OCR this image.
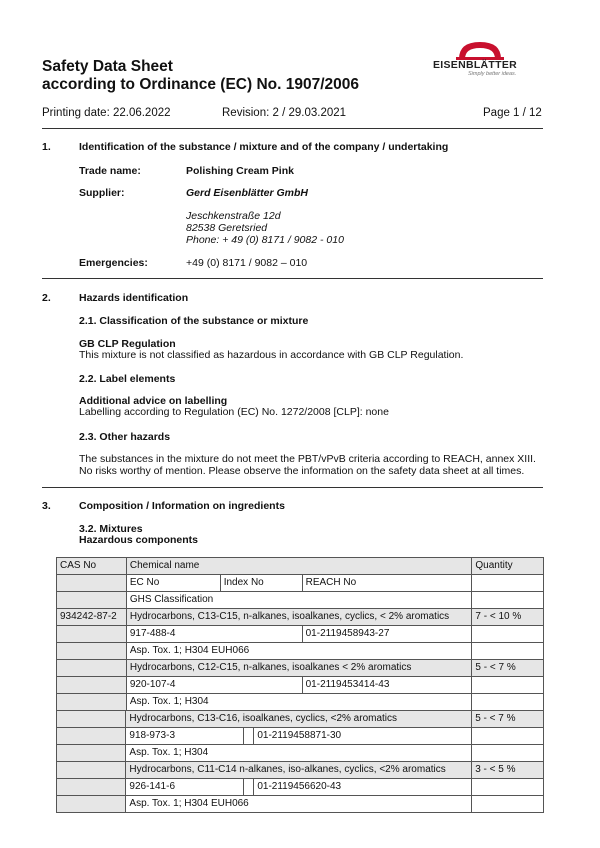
Safety Data Sheet
according to Ordinance (EC) No. 1907/2006
EISENBLÄTTER
Simply better ideas.
Printing date: 22.06.2022	Revision: 2 / 29.03.2021	Page 1 / 12
1.	Identification of the substance / mixture and of the company / undertaking
Trade name:	Polishing Cream Pink
Supplier:	Gerd Eisenblätter GmbH
Jeschkenstraße 12d
82538 Geretsried
Phone: + 49 (0) 8171 / 9082 - 010
Emergencies:	+49 (0) 8171 / 9082 – 010
2.	Hazards identification
2.1. Classification of the substance or mixture
GB CLP Regulation
This mixture is not classified as hazardous in accordance with GB CLP Regulation.
2.2. Label elements
Additional advice on labelling
Labelling according to Regulation (EC) No. 1272/2008 [CLP]: none
2.3. Other hazards
The substances in the mixture do not meet the PBT/vPvB criteria according to REACH, annex XIII.
No risks worthy of mention. Please observe the information on the safety data sheet at all times.
3.	Composition / Information on ingredients
3.2. Mixtures
Hazardous components
CAS No	Chemical name			Quantity
	EC No	Index No	REACH No	
	GHS Classification			
934242-87-2	Hydrocarbons, C13-C15, n-alkanes, isoalkanes, cyclics, < 2% aromatics			7 - < 10 %
	917-488-4		01-2119458943-27	
	Asp. Tox. 1; H304 EUH066			
	Hydrocarbons, C12-C15, n-alkanes, isoalkanes < 2% aromatics			5 - < 7 %
	920-107-4		01-2119453414-43	
	Asp. Tox. 1; H304			
	Hydrocarbons, C13-C16, isoalkanes, cyclics, <2% aromatics			5 - < 7 %
	918-973-3		01-2119458871-30	
	Asp. Tox. 1; H304			
	Hydrocarbons, C11-C14 n-alkanes, iso-alkanes, cyclics, <2% aromatics			3 - < 5 %
	926-141-6		01-2119456620-43	
	Asp. Tox. 1; H304 EUH066			
